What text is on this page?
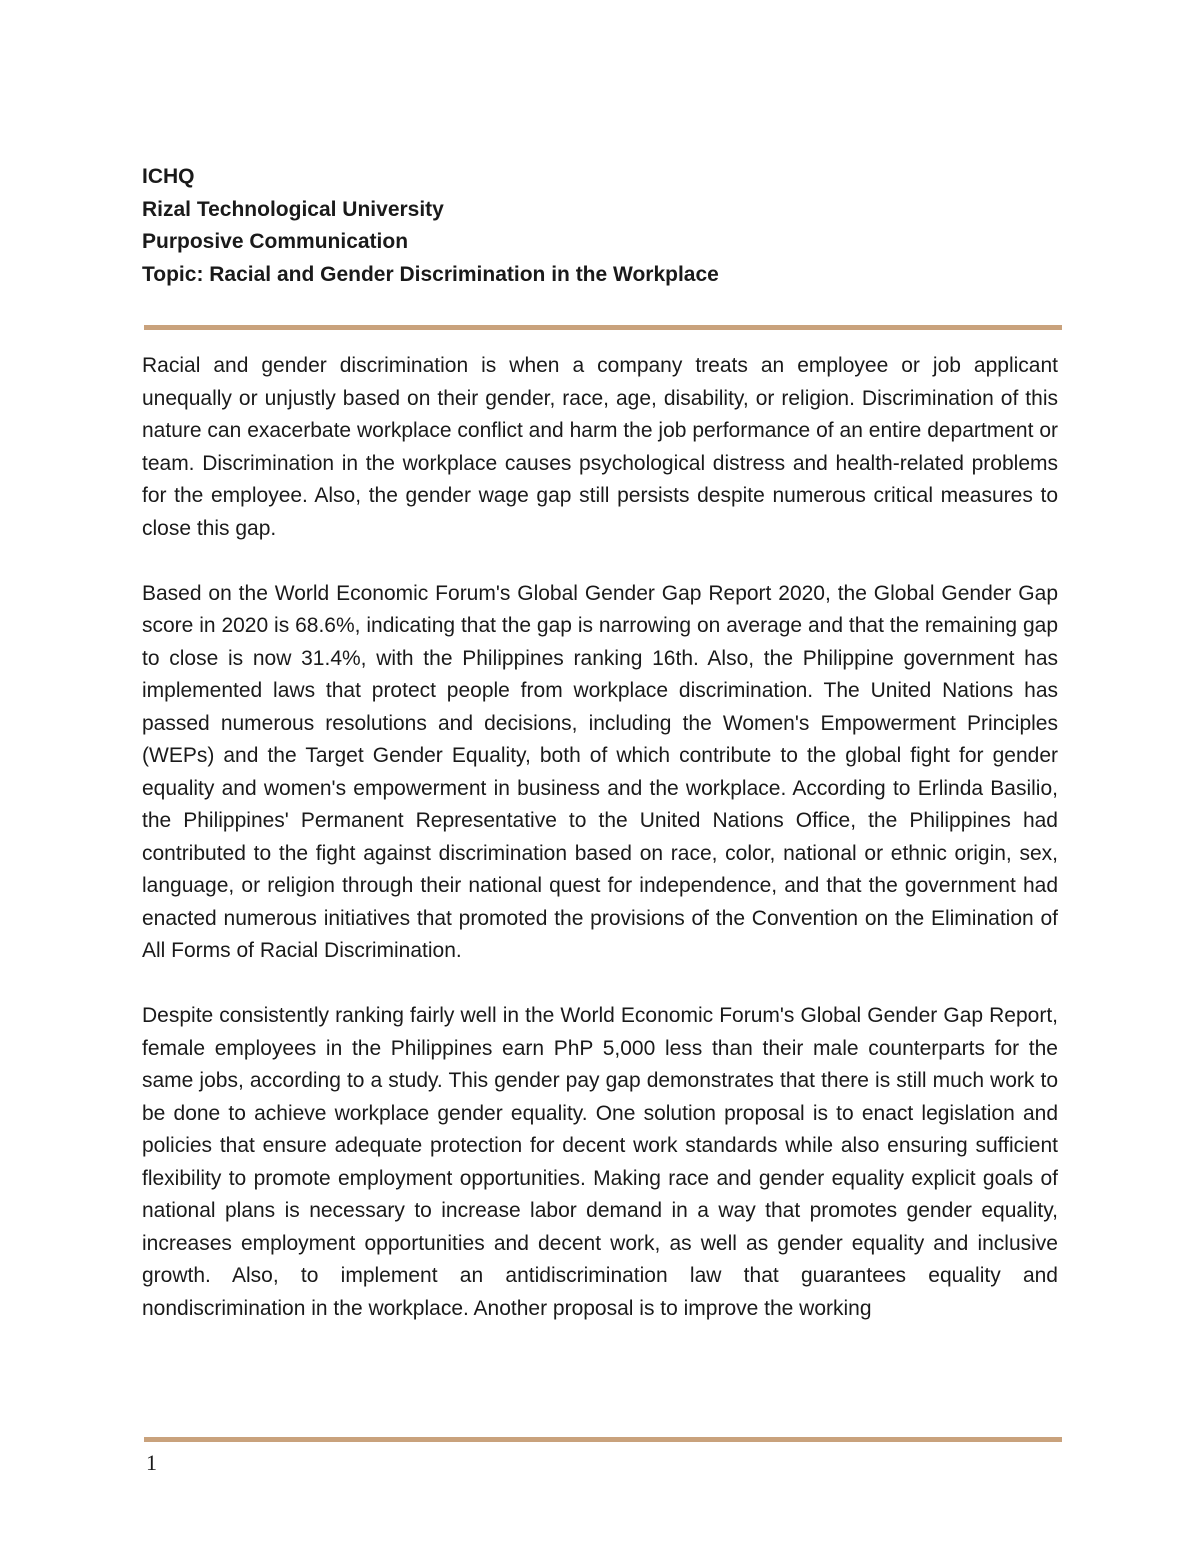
ICHQ
Rizal Technological University
Purposive Communication
Topic: Racial and Gender Discrimination in the Workplace

Racial and gender discrimination is when a company treats an employee or job applicant unequally or unjustly based on their gender, race, age, disability, or religion. Discrimination of this nature can exacerbate workplace conflict and harm the job performance of an entire department or team. Discrimination in the workplace causes psychological distress and health-related problems for the employee. Also, the gender wage gap still persists despite numerous critical measures to close this gap.

Based on the World Economic Forum's Global Gender Gap Report 2020, the Global Gender Gap score in 2020 is 68.6%, indicating that the gap is narrowing on average and that the remaining gap to close is now 31.4%, with the Philippines ranking 16th. Also, the Philippine government has implemented laws that protect people from workplace discrimination. The United Nations has passed numerous resolutions and decisions, including the Women's Empowerment Principles (WEPs) and the Target Gender Equality, both of which contribute to the global fight for gender equality and women's empowerment in business and the workplace. According to Erlinda Basilio, the Philippines' Permanent Representative to the United Nations Office, the Philippines had contributed to the fight against discrimination based on race, color, national or ethnic origin, sex, language, or religion through their national quest for independence, and that the government had enacted numerous initiatives that promoted the provisions of the Convention on the Elimination of All Forms of Racial Discrimination.

Despite consistently ranking fairly well in the World Economic Forum's Global Gender Gap Report, female employees in the Philippines earn PhP 5,000 less than their male counterparts for the same jobs, according to a study. This gender pay gap demonstrates that there is still much work to be done to achieve workplace gender equality. One solution proposal is to enact legislation and policies that ensure adequate protection for decent work standards while also ensuring sufficient flexibility to promote employment opportunities. Making race and gender equality explicit goals of national plans is necessary to increase labor demand in a way that promotes gender equality, increases employment opportunities and decent work, as well as gender equality and inclusive growth. Also, to implement an antidiscrimination law that guarantees equality and nondiscrimination in the workplace. Another proposal is to improve the working

1
